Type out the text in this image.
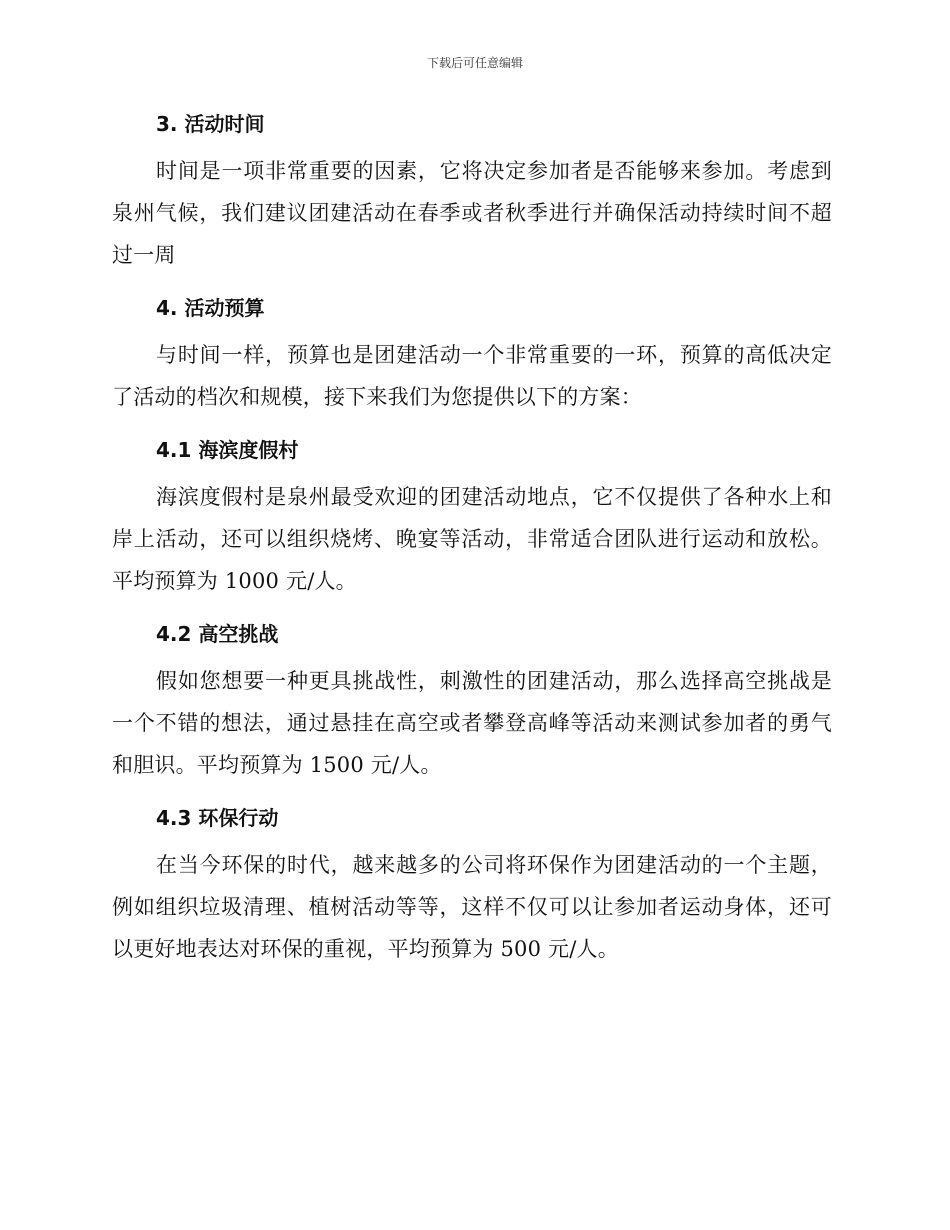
下载后可任意编辑
3. 活动时间

时间是一项非常重要的因素，它将决定参加者是否能够来参加。考虑到泉州气候，我们建议团建活动在春季或者秋季进行并确保活动持续时间不超过一周

4. 活动预算

与时间一样，预算也是团建活动一个非常重要的一环，预算的高低决定了活动的档次和规模，接下来我们为您提供以下的方案：

4.1 海滨度假村

海滨度假村是泉州最受欢迎的团建活动地点，它不仅提供了各种水上和岸上活动，还可以组织烧烤、晚宴等活动，非常适合团队进行运动和放松。平均预算为 1000 元/人。

4.2 高空挑战

假如您想要一种更具挑战性，刺激性的团建活动，那么选择高空挑战是一个不错的想法，通过悬挂在高空或者攀登高峰等活动来测试参加者的勇气和胆识。平均预算为 1500 元/人。

4.3 环保行动

在当今环保的时代，越来越多的公司将环保作为团建活动的一个主题，例如组织垃圾清理、植树活动等等，这样不仅可以让参加者运动身体，还可以更好地表达对环保的重视，平均预算为 500 元/人。
